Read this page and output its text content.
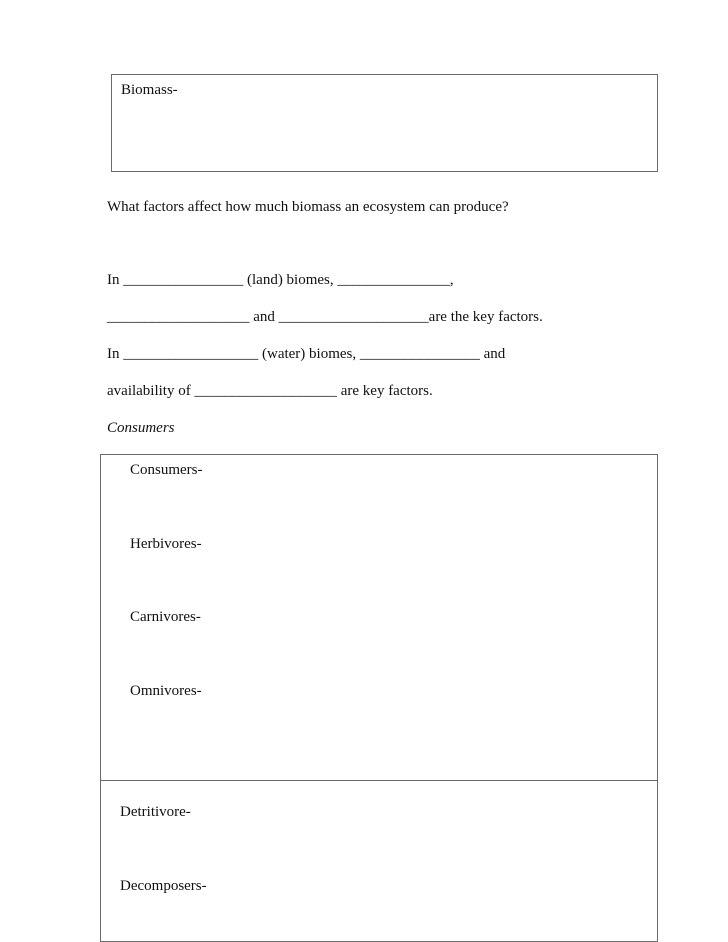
Biomass-
What factors affect how much biomass an ecosystem can produce?
In ________________ (land) biomes, _______________,
___________________ and ____________________are the key factors.
In __________________ (water) biomes, ________________ and
availability of ___________________ are key factors.
Consumers
Consumers-
Herbivores-
Carnivores-
Omnivores-
Detritivore-
Decomposers-
